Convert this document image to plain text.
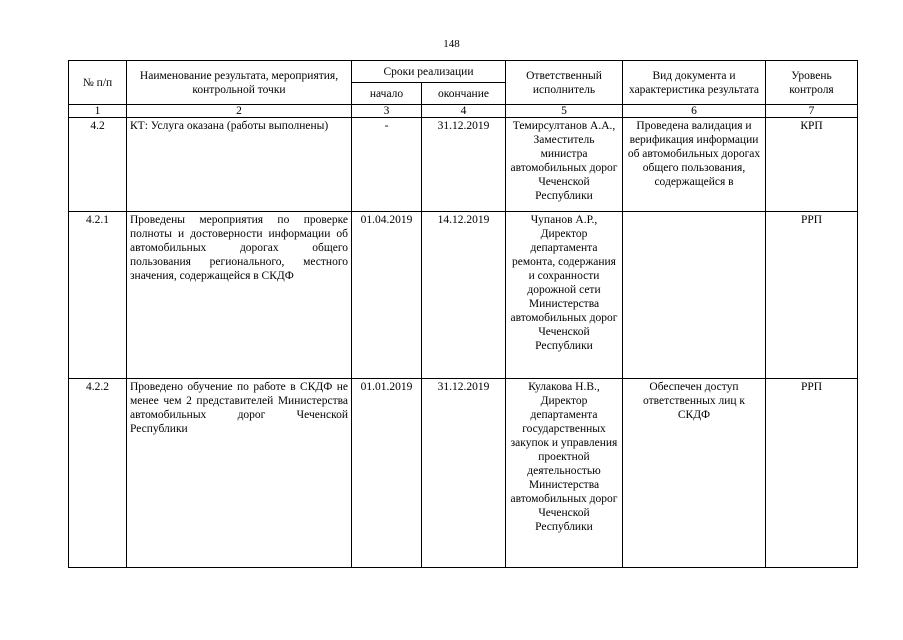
148
№ п/п	Наименование результата, мероприятия, контрольной точки	Сроки реализации		Ответственный исполнитель	Вид документа и характеристика результата	Уровень контроля
		начало	окончание			
1	2	3	4	5	6	7
4.2	КТ: Услуга оказана (работы выполнены)	-	31.12.2019	Темирсултанов А.А., Заместитель министра автомобильных дорог Чеченской Республики	Проведена валидация и верификация информации об автомобильных дорогах общего пользования, содержащейся в	КРП
4.2.1	Проведены мероприятия по проверке полноты и достоверности информации об автомобильных дорогах общего пользования регионального, местного значения, содержащейся в СКДФ	01.04.2019	14.12.2019	Чупанов А.Р., Директор департамента ремонта, содержания и сохранности дорожной сети Министерства автомобильных дорог Чеченской Республики		РРП
4.2.2	Проведено обучение по работе в СКДФ не менее чем 2 представителей Министерства автомобильных дорог Чеченской Республики	01.01.2019	31.12.2019	Кулакова Н.В., Директор департамента государственных закупок и управления проектной деятельностью Министерства автомобильных дорог Чеченской Республики	Обеспечен доступ ответственных лиц к СКДФ	РРП
